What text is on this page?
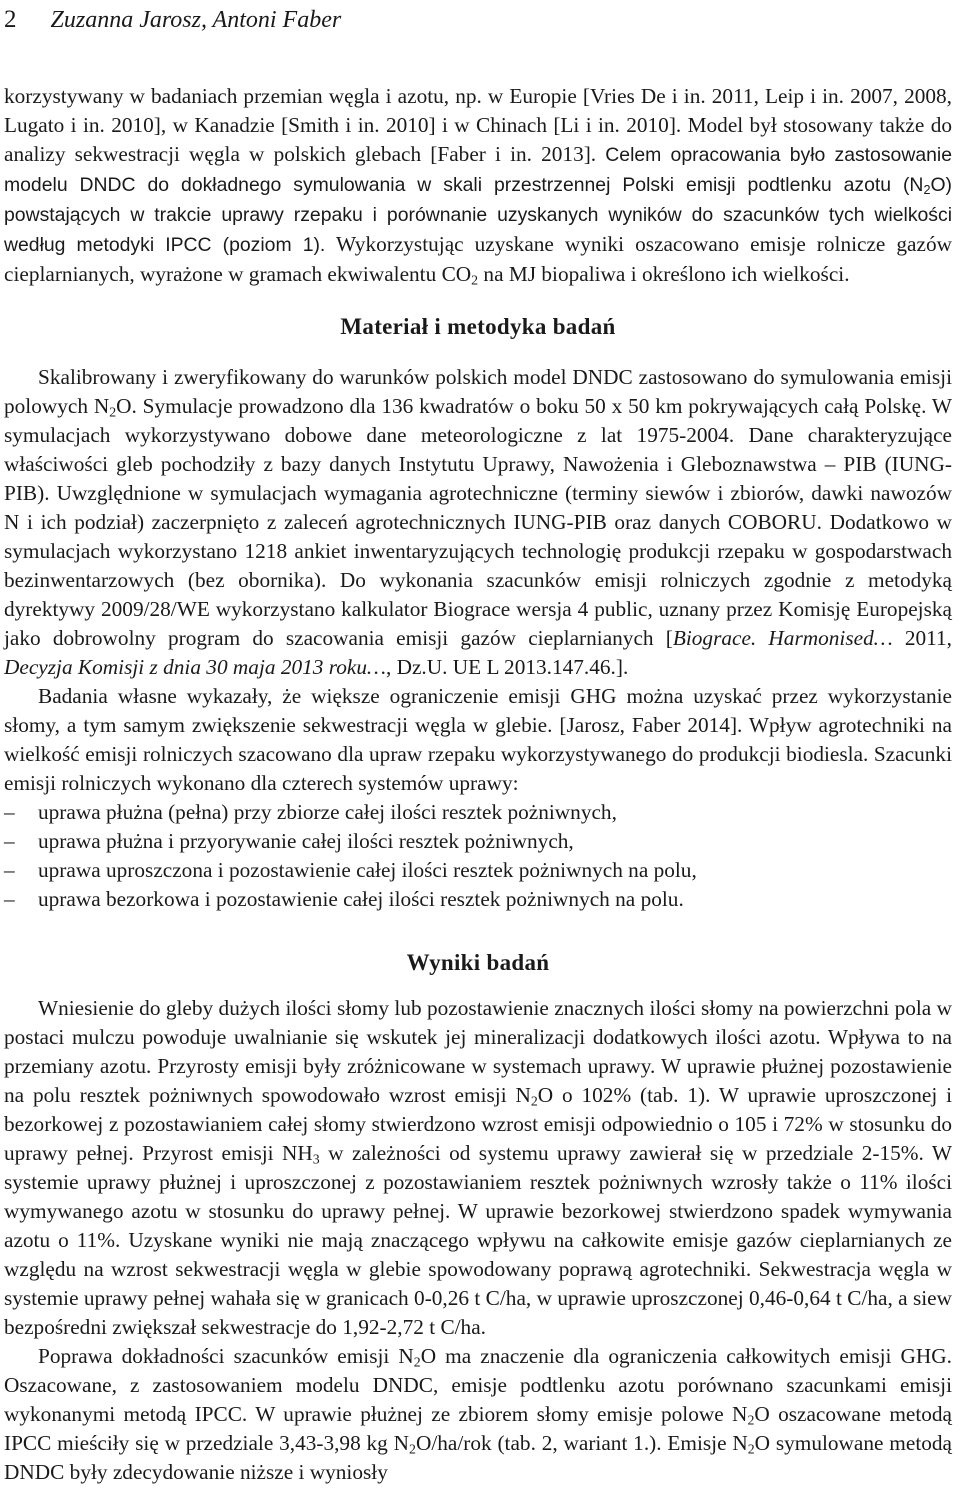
2 Zuzanna Jarosz, Antoni Faber

korzystywany w badaniach przemian węgla i azotu, np. w Europie [Vries De i in. 2011, Leip i in. 2007, 2008, Lugato i in. 2010], w Kanadzie [Smith i in. 2010] i w Chinach [Li i in. 2010]. Model był stosowany także do analizy sekwestracji węgla w polskich glebach [Faber i in. 2013]. Celem opracowania było zastosowanie modelu DNDC do dokładnego symulowania w skali przestrzennej Polski emisji podtlenku azotu $(N_2O)$ powstających w trakcie uprawy rzepaku i porównanie uzyskanych wyników do szacunków tych wielkości według metodyki IPCC (poziom 1). Wykorzystując uzyskane wyniki oszacowano emisje rolnicze gazów cieplarnianych, wyrażone w gramach ekwiwalentu $CO_2$ na MJ biopaliwa i określono ich wielkości.

Materiał i metodyka badań

Skalibrowany i zweryfikowany do warunków polskich model DNDC zastosowano do symulowania emisji polowych $N_2O$. Symulacje prowadzono dla 136 kwadratów o boku 50 x 50 km pokrywających całą Polskę. W symulacjach wykorzystywano dobowe dane meteorologiczne z lat 1975-2004. Dane charakteryzujące właściwości gleb pochodziły z bazy danych Instytutu Uprawy, Nawożenia i Gleboznawstwa – PIB (IUNG-PIB). Uwzględnione w symulacjach wymagania agrotechniczne (terminy siewów i zbiorów, dawki nawozów N i ich podział) zaczerpnięto z zaleceń agrotechnicznych IUNG-PIB oraz danych COBORU. Dodatkowo w symulacjach wykorzystano 1218 ankiet inwentaryzujących technologię produkcji rzepaku w gospodarstwach bezinwentarzowych (bez obornika). Do wykonania szacunków emisji rolniczych zgodnie z metodyką dyrektywy 2009/28/WE wykorzystano kalkulator Biograce wersja 4 public, uznany przez Komisję Europejską jako dobrowolny program do szacowania emisji gazów cieplarnianych [Biograce. Harmonised… 2011, Decyzja Komisji z dnia 30 maja 2013 roku…, Dz.U. UE L 2013.147.46.].

Badania własne wykazały, że większe ograniczenie emisji GHG można uzyskać przez wykorzystanie słomy, a tym samym zwiększenie sekwestracji węgla w glebie. [Jarosz, Faber 2014]. Wpływ agrotechniki na wielkość emisji rolniczych szacowano dla upraw rzepaku wykorzystywanego do produkcji biodiesla. Szacunki emisji rolniczych wykonano dla czterech systemów uprawy:

– uprawa płużna (pełna) przy zbiorze całej ilości resztek pożniwnych,
– uprawa płużna i przyorywanie całej ilości resztek pożniwnych,
– uprawa uproszczona i pozostawienie całej ilości resztek pożniwnych na polu,
– uprawa bezorkowa i pozostawienie całej ilości resztek pożniwnych na polu.
Wyniki badań

Wniesienie do gleby dużych ilości słomy lub pozostawienie znacznych ilości słomy na powierzchni pola w postaci mulczu powoduje uwalnianie się wskutek jej mineralizacji dodatkowych ilości azotu. Wpływa to na przemiany azotu. Przyrosty emisji były zróżnicowane w systemach uprawy. W uprawie płużnej pozostawienie na polu resztek pożniwnych spowodowało wzrost emisji $N_2O$ o 102% (tab. 1). W uprawie uproszczonej i bezorkowej z pozostawianiem całej słomy stwierdzono wzrost emisji odpowiednio o 105 i 72% w stosunku do uprawy pełnej. Przyrost emisji $NH_3$ w zależności od systemu uprawy zawierał się w przedziale 2-15%. W systemie uprawy płużnej i uproszczonej z pozostawianiem resztek pożniwnych wzrosły także o 11% ilości wymywanego azotu w stosunku do uprawy pełnej. W uprawie bezorkowej stwierdzono spadek wymywania azotu o 11%. Uzyskane wyniki nie mają znaczącego wpływu na całkowite emisje gazów cieplarnianych ze względu na wzrost sekwestracji węgla w glebie spowodowany poprawą agrotechniki. Sekwestracja węgla w systemie uprawy pełnej wahała się w granicach 0-0,26 t C/ha, w uprawie uproszczonej 0,46-0,64 t C/ha, a siew bezpośredni zwiększał sekwestracje do 1,92-2,72 t C/ha.

Poprawa dokładności szacunków emisji $N_2O$ ma znaczenie dla ograniczenia całkowitych emisji GHG. Oszacowane, z zastosowaniem modelu DNDC, emisje podtlenku azotu porównano szacunkami emisji wykonanymi metodą IPCC. W uprawie płużnej ze zbiorem słomy emisje polowe $N_2O$ oszacowane metodą IPCC mieściły się w przedziale 3,43-3,98 kg $N_2O/ha$/rok (tab. 2, wariant 1.). Emisje $N_2O$ symulowane metodą DNDC były zdecydowanie niższe i wyniosły
